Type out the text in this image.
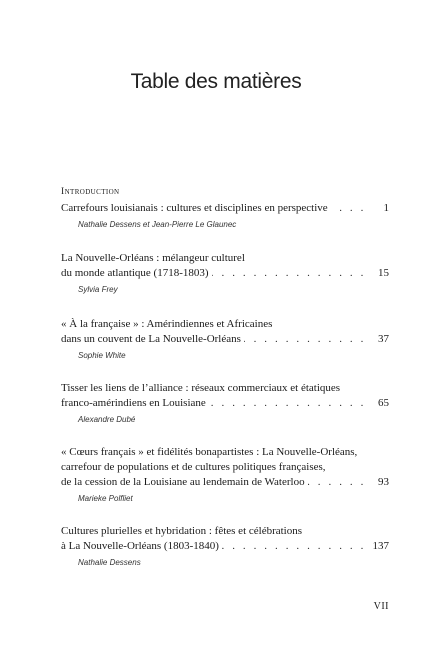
Table des matières
Introduction
Carrefours louisianais : cultures et disciplines en perspective . . .	1
Nathalie Dessens et Jean-Pierre Le Glaunec
La Nouvelle-Orléans : mélangeur culturel
du monde atlantique (1718-1803) . . .	15
Sylvia Frey
« À la française » : Amérindiennes et Africaines
dans un couvent de La Nouvelle-Orléans . . .	37
Sophie White
Tisser les liens de l’alliance : réseaux commerciaux et étatiques
franco-amérindiens en Louisiane . . .	65
Alexandre Dubé
« Cœurs français » et fidélités bonapartistes : La Nouvelle-Orléans,
carrefour de populations et de cultures politiques françaises,
de la cession de la Louisiane au lendemain de Waterloo . . .	93
Marieke Polfliet
Cultures plurielles et hybridation : fêtes et célébrations
à La Nouvelle-Orléans (1803-1840) . . .	137
Nathalie Dessens
VII
